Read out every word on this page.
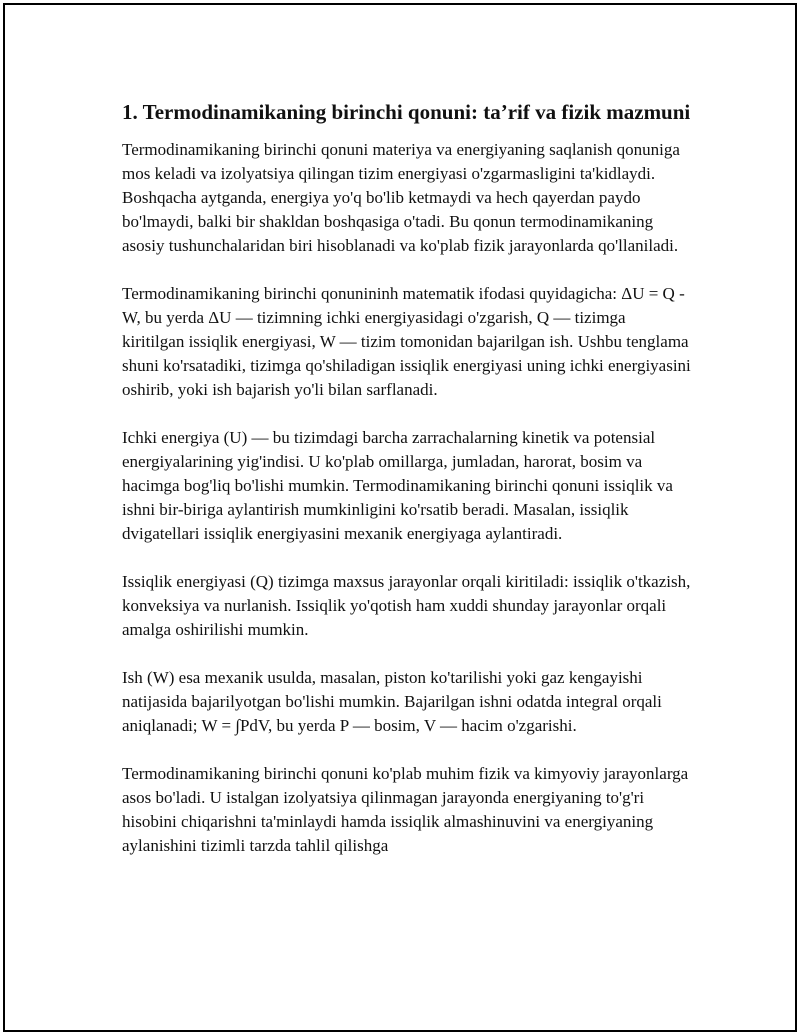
1. Termodinamikaning birinchi qonuni: ta’rif va fizik mazmuni

Termodinamikaning birinchi qonuni materiya va energiyaning saqlanish qonuniga mos keladi va izolyatsiya qilingan tizim energiyasi o'zgarmasligini ta'kidlaydi. Boshqacha aytganda, energiya yo'q bo'lib ketmaydi va hech qayerdan paydo bo'lmaydi, balki bir shakldan boshqasiga o'tadi. Bu qonun termodinamikaning asosiy tushunchalaridan biri hisoblanadi va ko'plab fizik jarayonlarda qo'llaniladi.

Termodinamikaning birinchi qonunininh matematik ifodasi quyidagicha: ΔU = Q - W, bu yerda ΔU — tizimning ichki energiyasidagi o'zgarish, Q — tizimga kiritilgan issiqlik energiyasi, W — tizim tomonidan bajarilgan ish. Ushbu tenglama shuni ko'rsatadiki, tizimga qo'shiladigan issiqlik energiyasi uning ichki energiyasini oshirib, yoki ish bajarish yo'li bilan sarflanadi.

Ichki energiya (U) — bu tizimdagi barcha zarrachalarning kinetik va potensial energiyalarining yig'indisi. U ko'plab omillarga, jumladan, harorat, bosim va hacimga bog'liq bo'lishi mumkin. Termodinamikaning birinchi qonuni issiqlik va ishni bir-biriga aylantirish mumkinligini ko'rsatib beradi. Masalan, issiqlik dvigatellari issiqlik energiyasini mexanik energiyaga aylantiradi.

Issiqlik energiyasi (Q) tizimga maxsus jarayonlar orqali kiritiladi: issiqlik o'tkazish, konveksiya va nurlanish. Issiqlik yo'qotish ham xuddi shunday jarayonlar orqali amalga oshirilishi mumkin.

Ish (W) esa mexanik usulda, masalan, piston ko'tarilishi yoki gaz kengayishi natijasida bajarilyotgan bo'lishi mumkin. Bajarilgan ishni odatda integral orqali aniqlanadi; W = ∫PdV, bu yerda P — bosim, V — hacim o'zgarishi.

Termodinamikaning birinchi qonuni ko'plab muhim fizik va kimyoviy jarayonlarga asos bo'ladi. U istalgan izolyatsiya qilinmagan jarayonda energiyaning to'g'ri hisobini chiqarishni ta'minlaydi hamda issiqlik almashinuvini va energiyaning aylanishini tizimli tarzda tahlil qilishga
